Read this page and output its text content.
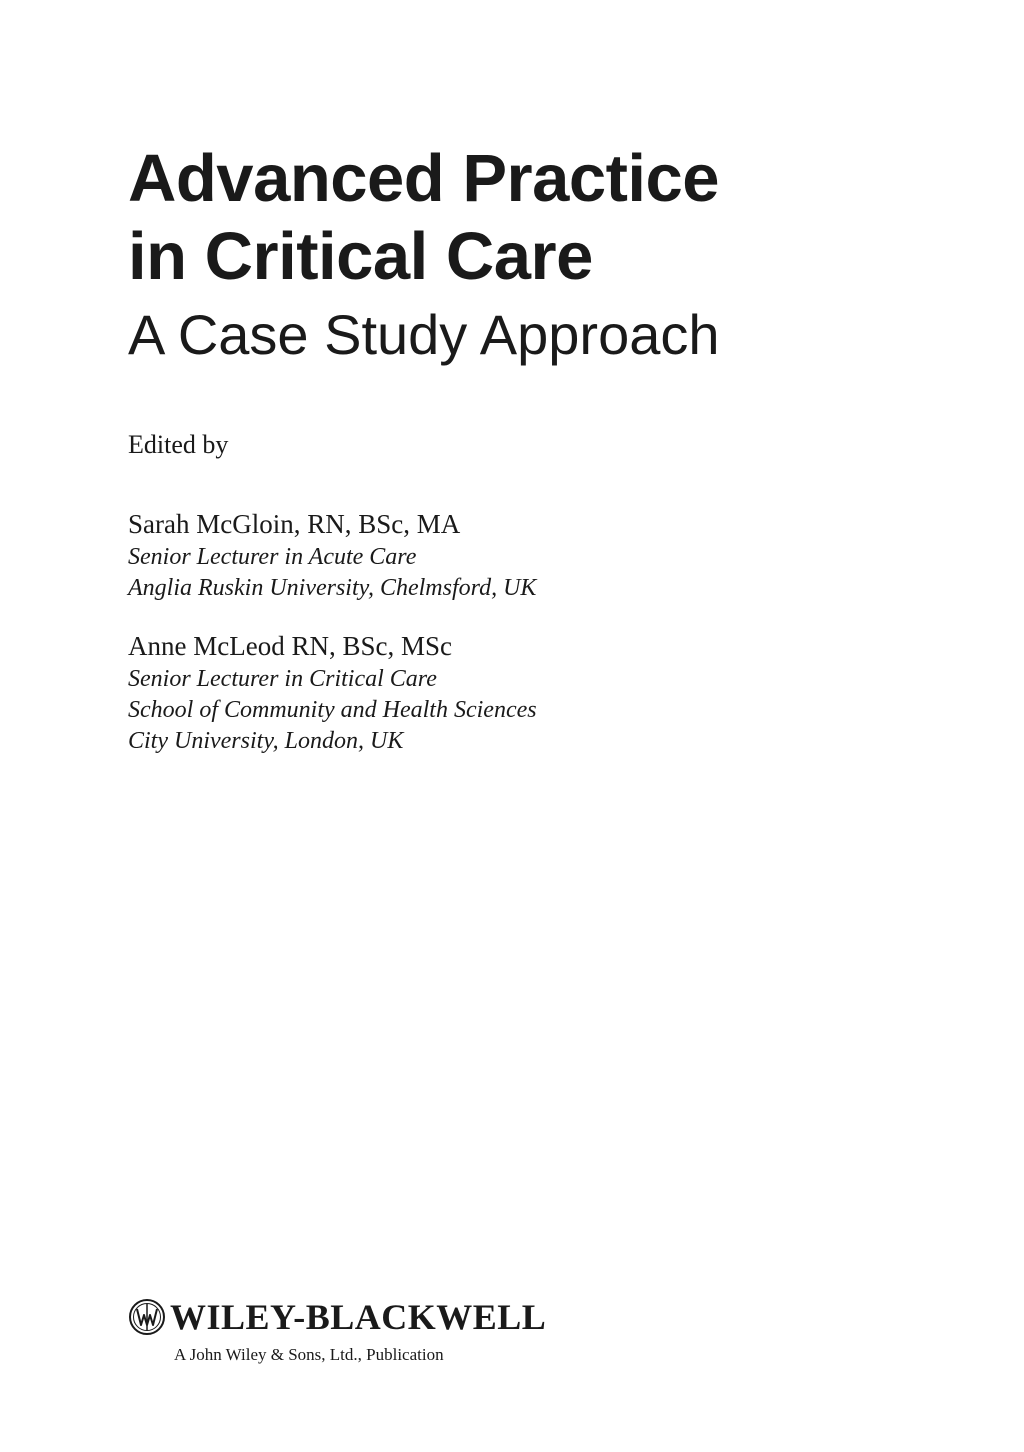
Advanced Practice
in Critical Care
A Case Study Approach
Edited by
Sarah McGloin, RN, BSc, MA
Senior Lecturer in Acute Care
Anglia Ruskin University, Chelmsford, UK
Anne McLeod RN, BSc, MSc
Senior Lecturer in Critical Care
School of Community and Health Sciences
City University, London, UK
WILEY-BLACKWELL
A John Wiley & Sons, Ltd., Publication
